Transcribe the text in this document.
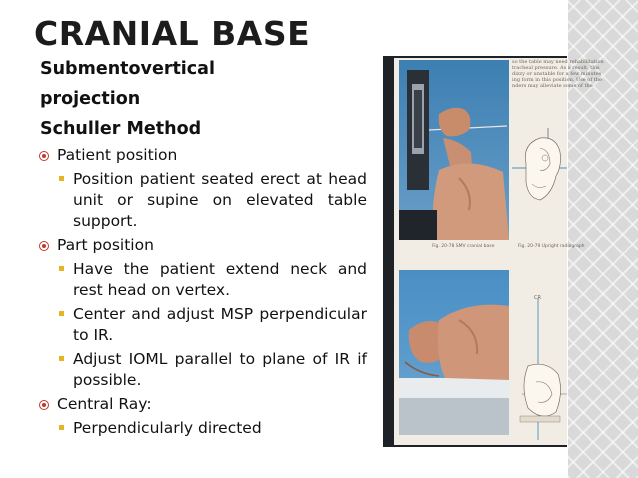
CRANIAL BASE
Submentovertical
projection
Schuller Method
Patient position
Position patient seated erect at head unit or supine on elevated table support.
Part position
Have the patient extend neck and rest head on vertex.
Center and adjust MSP perpendicular to IR.
Adjust IOML parallel to plane of IR if possible.
Central Ray:
Perpendicularly directed
Fig. 20-78 SMV cranial base
so the table may need rehabilitation
tracheal pressure. As a result, this
dizzy or unstable for a few minutes
ing form in this position. Use of the
nders may alleviate some of the
Fig. 20-79 Upright radiograph
CR
